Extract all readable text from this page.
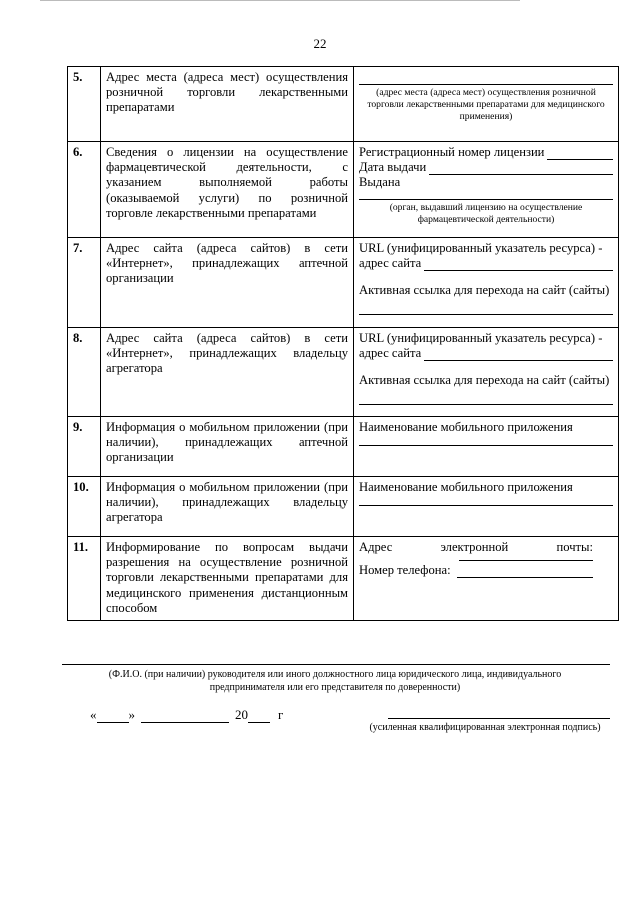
22
5.	Адрес места (адреса мест) осуществления розничной торговли лекарственными препаратами	(адрес места (адреса мест) осуществления розничной торговли лекарственными препаратами для медицинского применения)

6.	Сведения о лицензии на осуществление фармацевтической деятельности, с указанием выполняемой работы (оказываемой услуги) по розничной торговле лекарственными препаратами	Регистрационный номер лицензии
Дата выдачи
Выдана
(орган, выдавший лицензию на осуществление фармацевтической деятельности)

7.	Адрес сайта (адреса сайтов) в сети «Интернет», принадлежащих аптечной организации	URL (унифицированный указатель ресурса) -
адрес сайта
Активная ссылка для перехода на сайт (сайты)

8.	Адрес сайта (адреса сайтов) в сети «Интернет», принадлежащих владельцу агрегатора	URL (унифицированный указатель ресурса) -
адрес сайта
Активная ссылка для перехода на сайт (сайты)

9.	Информация о мобильном приложении (при наличии), принадлежащих аптечной организации	Наименование мобильного приложения

10.	Информация о мобильном приложении (при наличии), принадлежащих владельцу агрегатора	Наименование мобильного приложения

11.	Информирование по вопросам выдачи разрешения на осуществление розничной торговли лекарственными препаратами для медицинского применения дистанционным способом	Адрес электронной почты:
Номер телефона:
(Ф.И.О. (при наличии) руководителя или иного должностного лица юридического лица, индивидуального предпринимателя или его представителя по доверенности)
«
»
	20
г
(усиленная квалифицированная электронная подпись)
